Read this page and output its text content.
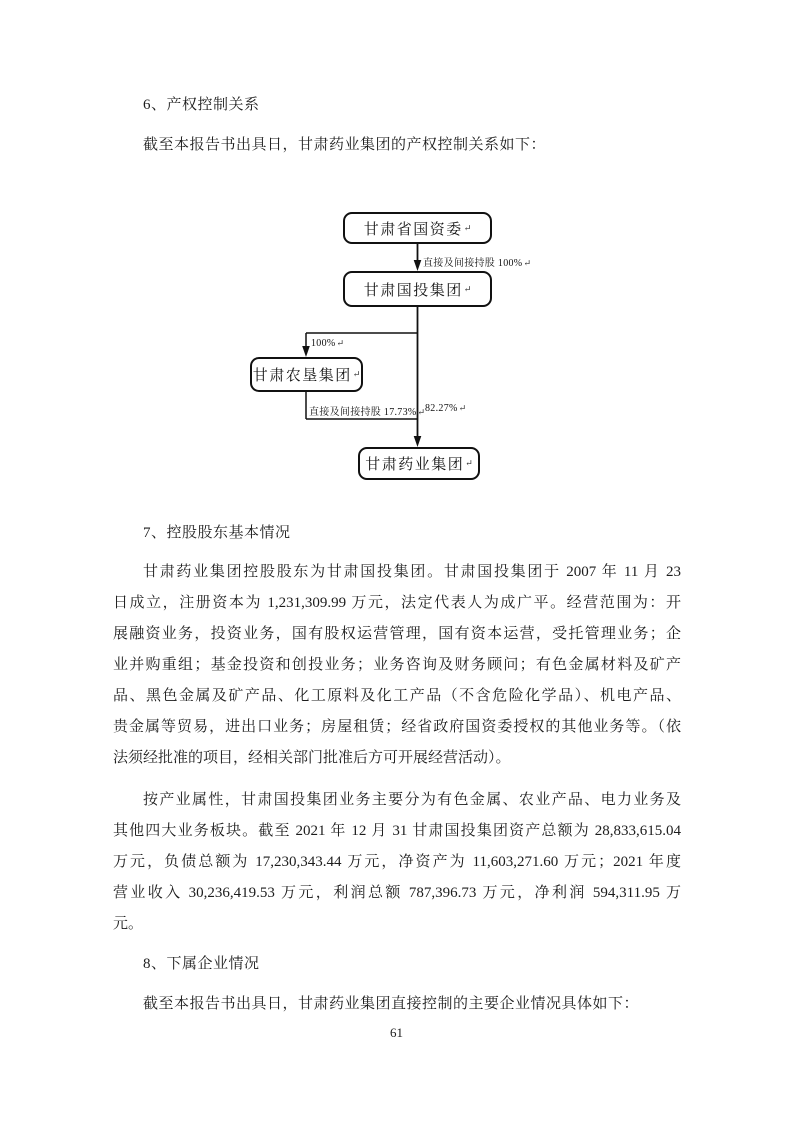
6、产权控制关系
截至本报告书出具日，甘肃药业集团的产权控制关系如下：
甘肃省国资委 ↵
甘肃国投集团 ↵
甘肃农垦集团 ↵
甘肃药业集团 ↵
直接及间接持股 100%↵
100%↵
直接及间接持股 17.73%↵ 82.27%↵
7、控股股东基本情况
甘肃药业集团控股股东为甘肃国投集团。甘肃国投集团于 2007 年 11 月 23
日成立，注册资本为 1,231,309.99 万元，法定代表人为成广平。经营范围为：开
展融资业务，投资业务，国有股权运营管理，国有资本运营，受托管理业务；企
业并购重组；基金投资和创投业务；业务咨询及财务顾问；有色金属材料及矿产
品、黑色金属及矿产品、化工原料及化工产品（不含危险化学品）、机电产品、
贵金属等贸易，进出口业务；房屋租赁；经省政府国资委授权的其他业务等。（依
法须经批准的项目，经相关部门批准后方可开展经营活动）。
按产业属性，甘肃国投集团业务主要分为有色金属、农业产品、电力业务及
其他四大业务板块。截至 2021 年 12 月 31 甘肃国投集团资产总额为 28,833,615.04
万元，负债总额为 17,230,343.44 万元，净资产为 11,603,271.60 万元；2021 年度
营业收入 30,236,419.53 万元，利润总额 787,396.73 万元，净利润 594,311.95 万
元。
8、下属企业情况
截至本报告书出具日，甘肃药业集团直接控制的主要企业情况具体如下：
61
